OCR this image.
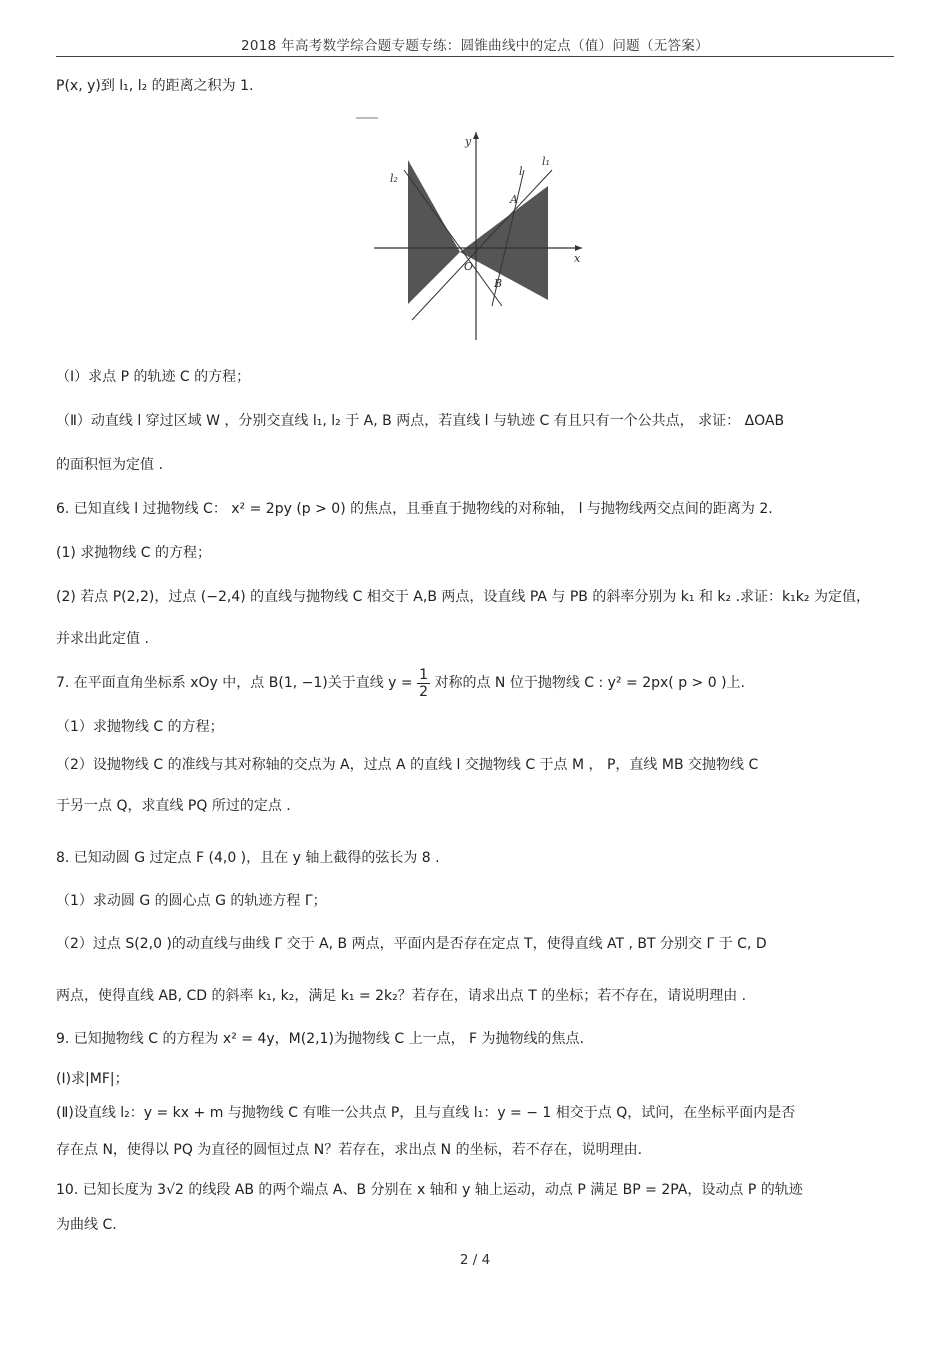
2018 年高考数学综合题专题专练：圆锥曲线中的定点（值）问题（无答案）
P(x, y)到 l₁, l₂ 的距离之积为 1.
y
x
O
A
B
l
l₁
l₂
（Ⅰ）求点 P 的轨迹 C 的方程；
（Ⅱ）动直线 l 穿过区域 W ，分别交直线 l₁, l₂ 于 A, B 两点，若直线 l 与轨迹 C 有且只有一个公共点， 求证： ΔOAB
的面积恒为定值 .
6. 已知直线 l 过抛物线 C： x² = 2py (p > 0) 的焦点，且垂直于抛物线的对称轴， l 与抛物线两交点间的距离为 2.
(1) 求抛物线 C 的方程；
(2) 若点 P(2,2)，过点 (−2,4) 的直线与抛物线 C 相交于 A,B 两点，设直线 PA 与 PB 的斜率分别为 k₁ 和 k₂ .求证：k₁k₂ 为定值，
并求出此定值 .
7. 在平面直角坐标系 xOy 中，点 B(1, −1)关于直线 $y = \frac{1}{2}$ 对称的点 N 位于抛物线 C : y² = 2px( p > 0 )上.
（1）求抛物线 C 的方程；
（2）设抛物线 C 的准线与其对称轴的交点为 A，过点 A 的直线 l 交抛物线 C 于点 M ， P，直线 MB 交抛物线 C
于另一点 Q，求直线 PQ 所过的定点 .
8. 已知动圆 G 过定点 F (4,0 )，且在 y 轴上截得的弦长为 8 .
（1）求动圆 G 的圆心点 G 的轨迹方程 Γ；
（2）过点 S(2,0 )的动直线与曲线 Γ 交于 A, B 两点，平面内是否存在定点 T，使得直线 AT , BT 分别交 Γ 于 C, D
两点，使得直线 AB, CD 的斜率 k₁, k₂，满足 k₁ = 2k₂？若存在，请求出点 T 的坐标；若不存在，请说明理由 .
9. 已知抛物线 C 的方程为 x² = 4y，M(2,1)为抛物线 C 上一点， F 为抛物线的焦点.
(Ⅰ)求|MF|；
(Ⅱ)设直线 l₂：y = kx + m 与抛物线 C 有唯一公共点 P，且与直线 l₁：y = − 1 相交于点 Q，试问，在坐标平面内是否
存在点 N，使得以 PQ 为直径的圆恒过点 N？若存在，求出点 N 的坐标，若不存在，说明理由.
10. 已知长度为 3√2 的线段 AB 的两个端点 A、B 分别在 x 轴和 y 轴上运动，动点 P 满足 BP = 2PA，设动点 P 的轨迹
为曲线 C.
2 / 4
